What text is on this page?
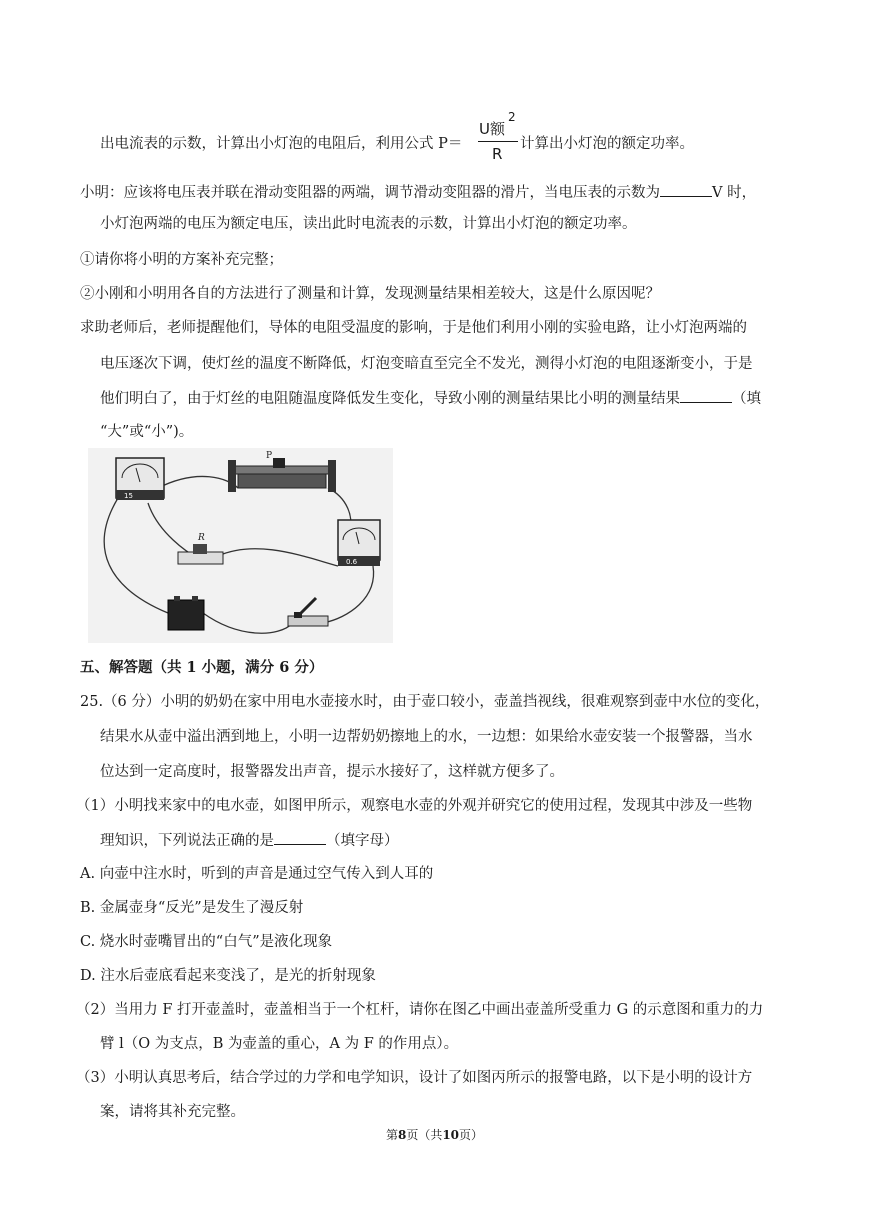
出电流表的示数，计算出小灯泡的电阻后，利用公式 P＝
U额
2
R
计算出小灯泡的额定功率。
小明：应该将电压表并联在滑动变阻器的两端，调节滑动变阻器的滑片，当电压表的示数为	V 时，
小灯泡两端的电压为额定电压，读出此时电流表的示数，计算出小灯泡的额定功率。
①请你将小明的方案补充完整；
②小刚和小明用各自的方法进行了测量和计算，发现测量结果相差较大，这是什么原因呢？
求助老师后，老师提醒他们，导体的电阻受温度的影响，于是他们利用小刚的实验电路，让小灯泡两端的
电压逐次下调，使灯丝的温度不断降低，灯泡变暗直至完全不发光，测得小灯泡的电阻逐渐变小，于是
他们明白了，由于灯丝的电阻随温度降低发生变化，导致小刚的测量结果比小明的测量结果	（填
“大”或“小”)。
15
P
0.6
R
五、解答题（共 1 小题，满分 6 分）
25.（6 分）小明的奶奶在家中用电水壶接水时，由于壶口较小，壶盖挡视线，很难观察到壶中水位的变化，
结果水从壶中溢出洒到地上，小明一边帮奶奶擦地上的水，一边想：如果给水壶安装一个报警器，当水
位达到一定高度时，报警器发出声音，提示水接好了，这样就方便多了。
（1）小明找来家中的电水壶，如图甲所示，观察电水壶的外观并研究它的使用过程，发现其中涉及一些物
理知识，下列说法正确的是	（填字母）
A. 向壶中注水时，听到的声音是通过空气传入到人耳的
B. 金属壶身“反光”是发生了漫反射
C. 烧水时壶嘴冒出的“白气”是液化现象
D. 注水后壶底看起来变浅了，是光的折射现象
（2）当用力 F 打开壶盖时，壶盖相当于一个杠杆，请你在图乙中画出壶盖所受重力 G 的示意图和重力的力
臂 l（O 为支点，B 为壶盖的重心，A 为 F 的作用点）。
（3）小明认真思考后，结合学过的力学和电学知识，设计了如图丙所示的报警电路，以下是小明的设计方
案，请将其补充完整。
第8页（共10页）
